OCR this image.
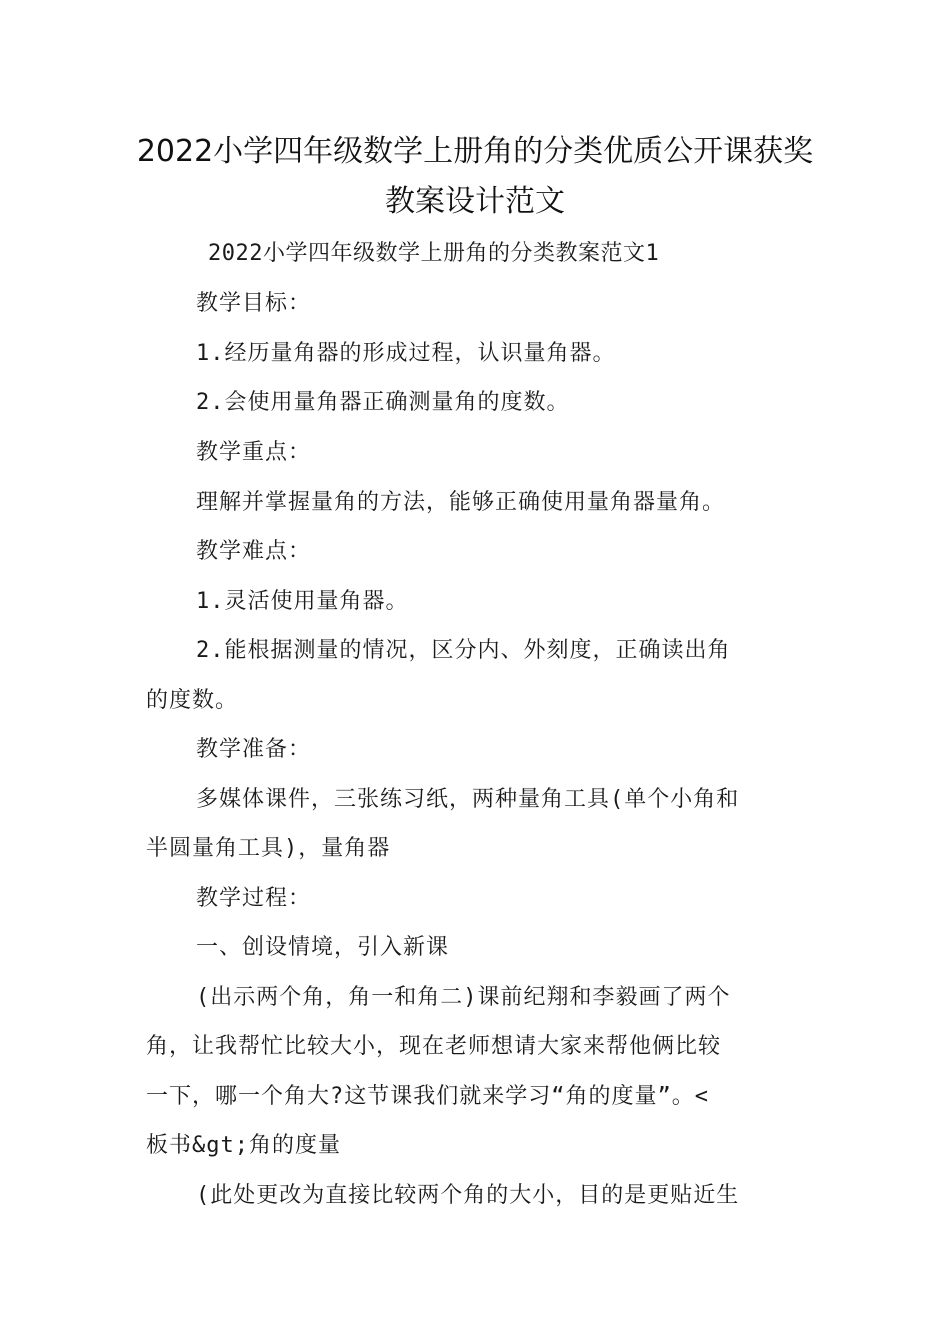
2022小学四年级数学上册角的分类优质公开课获奖
教案设计范文
2022小学四年级数学上册角的分类教案范文1
教学目标：
1.经历量角器的形成过程，认识量角器。
2.会使用量角器正确测量角的度数。
教学重点：
理解并掌握量角的方法，能够正确使用量角器量角。
教学难点：
1.灵活使用量角器。
2.能根据测量的情况，区分内、外刻度，正确读出角
的度数。
教学准备：
多媒体课件，三张练习纸，两种量角工具(单个小角和
半圆量角工具)，量角器
教学过程：
一、创设情境，引入新课
(出示两个角，角一和角二)课前纪翔和李毅画了两个
角，让我帮忙比较大小，现在老师想请大家来帮他俩比较
一下，哪一个角大?这节课我们就来学习“角的度量”。<
板书&gt;角的度量
(此处更改为直接比较两个角的大小，目的是更贴近生
